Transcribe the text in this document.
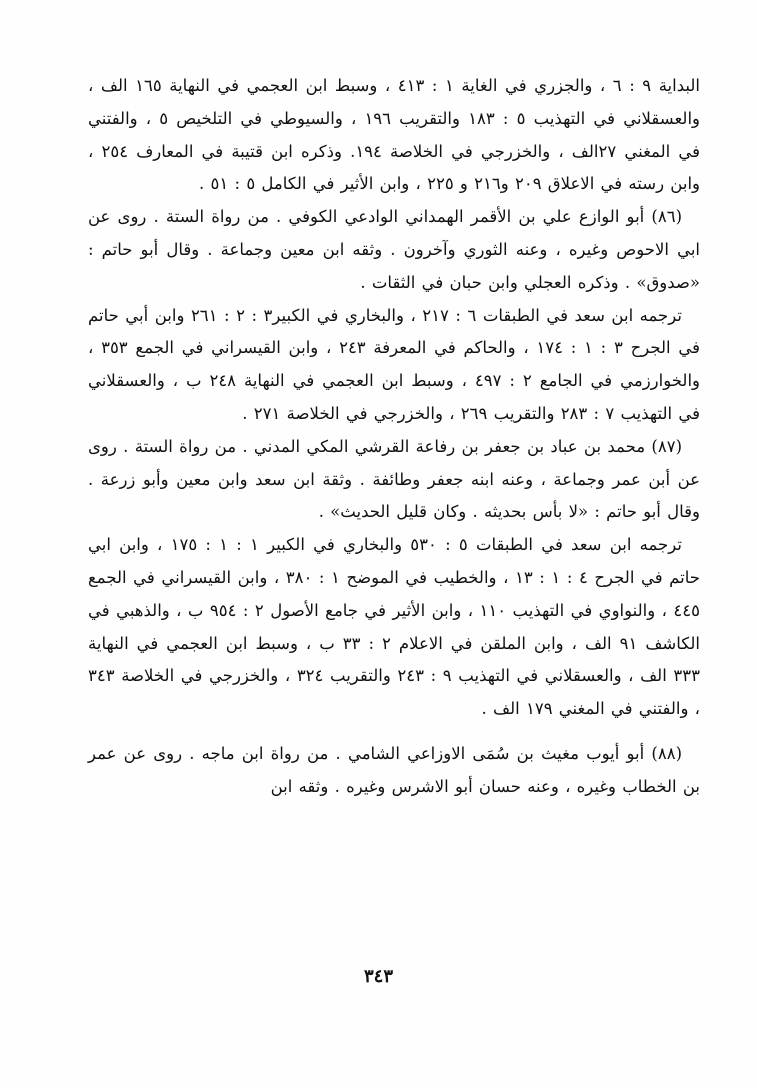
البداية ٩ : ٦ ، والجزري في الغاية ١ : ٤١٣ ، وسبط ابن العجمي في النهاية ١٦٥ الف ، والعسقلاني في التهذيب ٥ : ١٨٣ والتقريب ١٩٦ ، والسيوطي في التلخيص ٥ ، والفتني في المغني ٢٧الف ، والخزرجي في الخلاصة ١٩٤. وذكره ابن قتيبة في المعارف ٢٥٤ ، وابن رسته في الاعلاق ٢٠٩ و٢١٦ و ٢٢٥ ، وابن الأثير في الكامل ٥ : ٥١ .

(٨٦) أبو الوازع علي بن الأقمر الهمداني الوادعي الكوفي . من رواة الستة . روى عن ابي الاحوص وغيره ، وعنه الثوري وآخرون . وثقه ابن معين وجماعة . وقال أبو حاتم : «صدوق» . وذكره العجلي وابن حبان في الثقات .

ترجمه ابن سعد في الطبقات ٦ : ٢١٧ ، والبخاري في الكبير٣ : ٢ : ٢٦١ وابن أبي حاتم في الجرح ٣ : ١ : ١٧٤ ، والحاكم في المعرفة ٢٤٣ ، وابن القيسراني في الجمع ٣٥٣ ، والخوارزمي في الجامع ٢ : ٤٩٧ ، وسبط ابن العجمي في النهاية ٢٤٨ ب ، والعسقلاني في التهذيب ٧ : ٢٨٣ والتقريب ٢٦٩ ، والخزرجي في الخلاصة ٢٧١ .

(٨٧) محمد بن عباد بن جعفر بن رفاعة القرشي المكي المدني . من رواة الستة . روى عن أبن عمر وجماعة ، وعنه ابنه جعفر وطائفة . وثقة ابن سعد وابن معين وأبو زرعة . وقال أبو حاتم : «لا بأس بحديثه . وكان قليل الحديث» .

ترجمه ابن سعد في الطبقات ٥ : ٥٣٠ والبخاري في الكبير ١ : ١ : ١٧٥ ، وابن ابي حاتم في الجرح ٤ : ١ : ١٣ ، والخطيب في الموضح ١ : ٣٨٠ ، وابن القيسراني في الجمع ٤٤٥ ، والنواوي في التهذيب ١١٠ ، وابن الأثير في جامع الأصول ٢ : ٩٥٤ ب ، والذهبي في الكاشف ٩١ الف ، وابن الملقن في الاعلام ٢ : ٣٣ ب ، وسبط ابن العجمي في النهاية ٣٣٣ الف ، والعسقلاني في التهذيب ٩ : ٢٤٣ والتقريب ٣٢٤ ، والخزرجي في الخلاصة ٣٤٣ ، والفتني في المغني ١٧٩ الف .

(٨٨) أبو أيوب مغيث بن سُمَى الاوزاعي الشامي . من رواة ابن ماجه . روى عن عمر بن الخطاب وغيره ، وعنه حسان أبو الاشرس وغيره . وثقه ابن

٣٤٣
